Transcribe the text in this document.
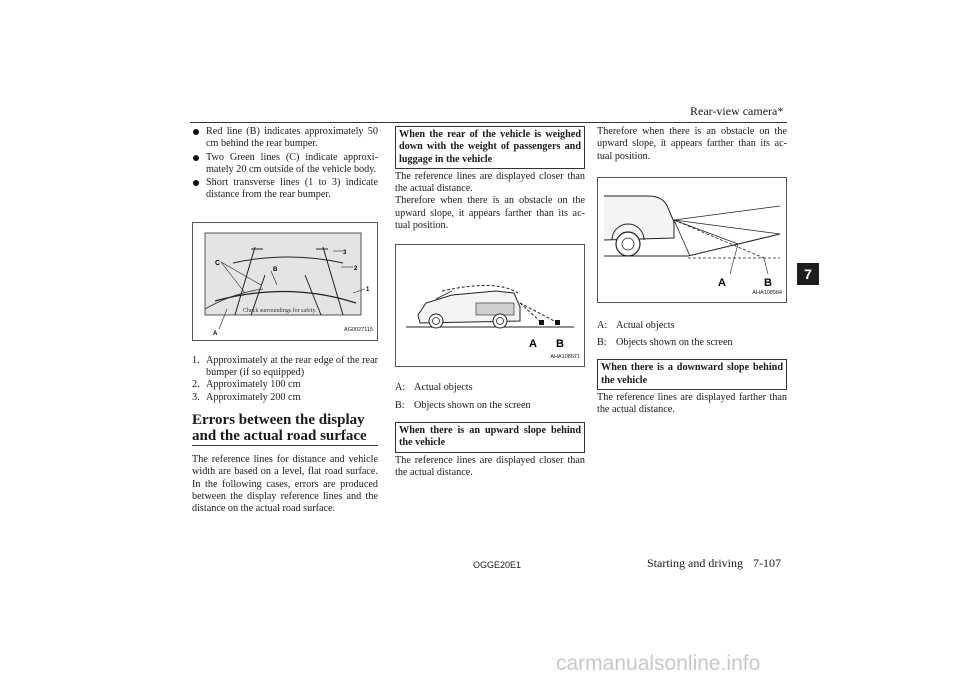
Rear-view camera*
7
Red line (B) indicates approximately 50 cm behind the rear bumper.
Two Green lines (C) indicate approxi-mately 20 cm outside of the vehicle body.
Short transverse lines (1 to 3) indicate distance from the rear bumper.
C
B
3
2
1
A
Check surroundings for safety.
AG0027115
1. Approximately at the rear edge of the rear bumper (if so equipped)
2. Approximately 100 cm
3. Approximately 200 cm
Errors between the display and the actual road surface

The reference lines for distance and vehicle width are based on a level, flat road surface. In the following cases, errors are produced between the display reference lines and the distance on the actual road surface.

When the rear of the vehicle is weighed down with the weight of passengers and luggage in the vehicle

The reference lines are displayed closer than the actual distance.

Therefore when there is an obstacle on the upward slope, it appears farther than its ac-tual position.

A B
AHA108571
A: Actual objects
B: Objects shown on the screen
When there is an upward slope behind the vehicle

The reference lines are displayed closer than the actual distance.

Therefore when there is an obstacle on the upward slope, it appears farther than its ac-tual position.

A	B
AHA108584
A: Actual objects
B: Objects shown on the screen
When there is a downward slope behind the vehicle

The reference lines are displayed farther than the actual distance.

OGGE20E1	Starting and driving 7-107
carmanualsonline.info
